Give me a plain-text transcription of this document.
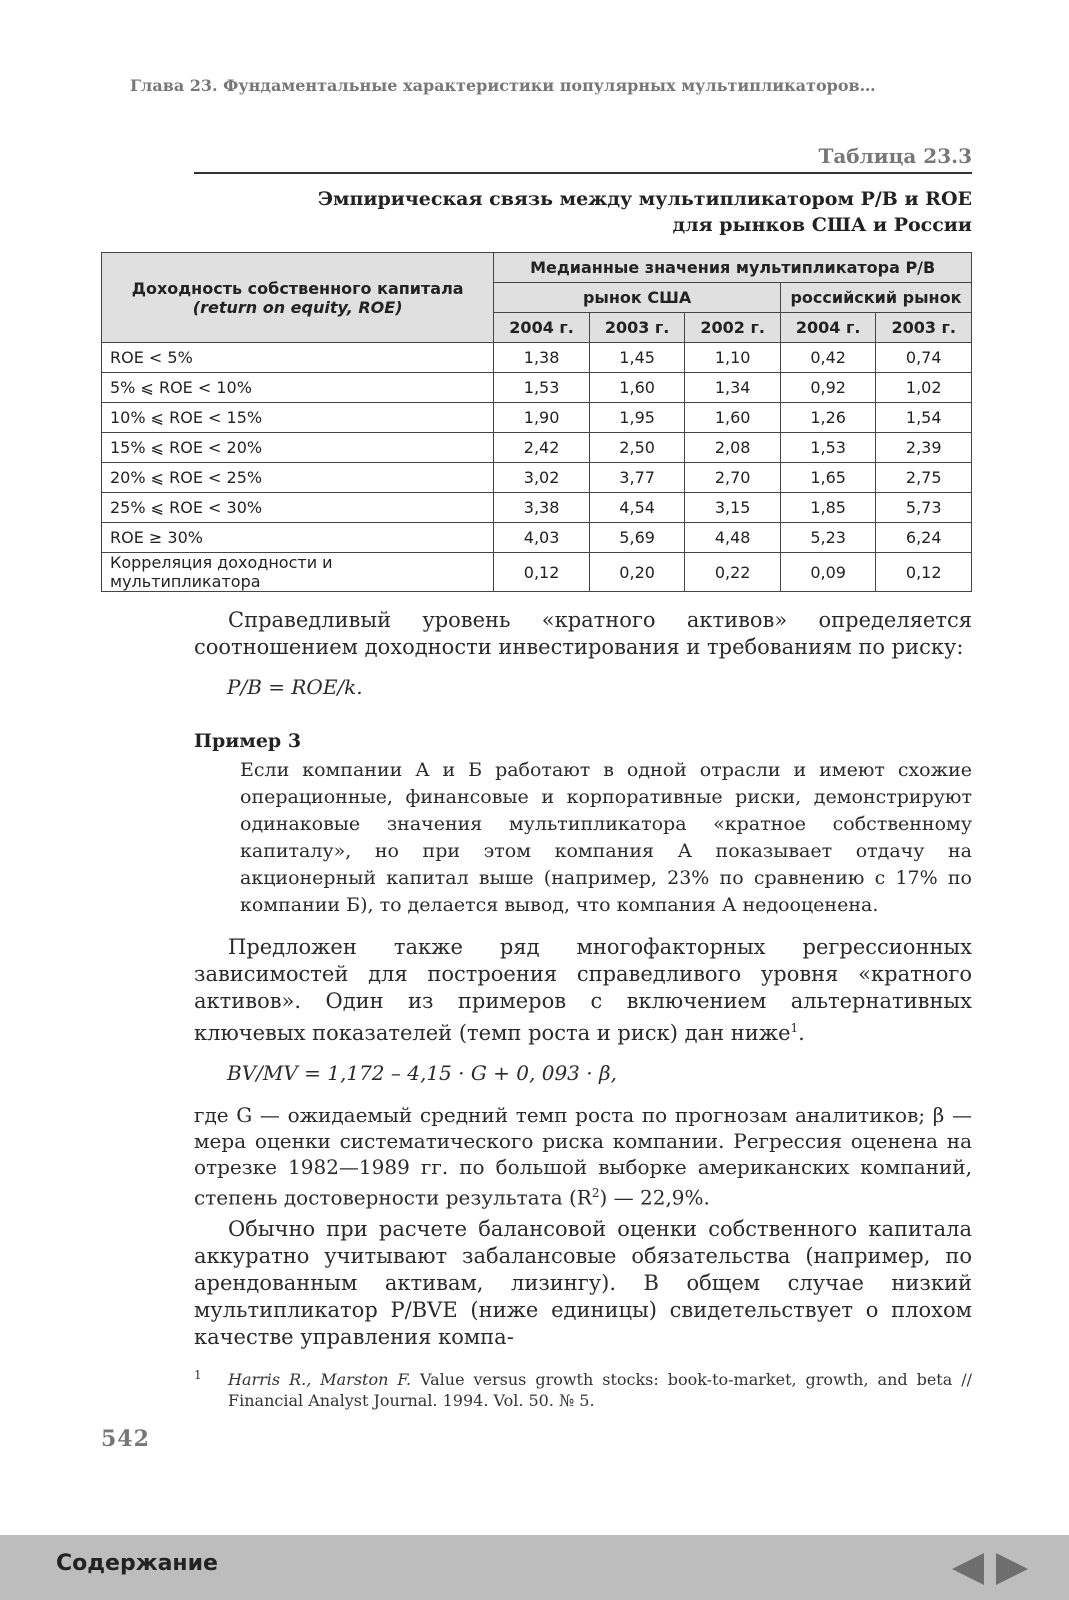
Глава 23. Фундаментальные характеристики популярных мультипликаторов…
Таблица 23.3
Эмпирическая связь между мультипликатором P/B и ROE
для рынков США и России
Доходность собственного капитала
(return on equity, ROE)	Медианные значения мультипликатора P/B				
	рынок США			российский рынок	
	2004 г.	2003 г.	2002 г.	2004 г.	2003 г.
ROE < 5%	1,38	1,45	1,10	0,42	0,74
5% ⩽ ROE < 10%	1,53	1,60	1,34	0,92	1,02
10% ⩽ ROE < 15%	1,90	1,95	1,60	1,26	1,54
15% ⩽ ROE < 20%	2,42	2,50	2,08	1,53	2,39
20% ⩽ ROE < 25%	3,02	3,77	2,70	1,65	2,75
25% ⩽ ROE < 30%	3,38	4,54	3,15	1,85	5,73
ROE ≥ 30%	4,03	5,69	4,48	5,23	6,24
Корреляция доходности и мультипликатора	0,12	0,20	0,22	0,09	0,12
Справедливый уровень «кратного активов» определяется соотношением доходности инвестирования и требованиям по риску:
P/B = ROE/k.
Пример 3
Если компании А и Б работают в одной отрасли и имеют схожие операционные, финансовые и корпоративные риски, демонстрируют одинаковые значения мультипликатора «кратное собственному капиталу», но при этом компания А показывает отдачу на акционерный капитал выше (например, 23% по сравнению с 17% по компании Б), то делается вывод, что компания А недооценена.
Предложен также ряд многофакторных регрессионных зависимостей для построения справедливого уровня «кратного активов». Один из примеров с включением альтернативных ключевых показателей (темп роста и риск) дан ниже$^1$.
BV/MV = 1,172 – 4,15 · G + 0, 093 · β,
где G — ожидаемый средний темп роста по прогнозам аналитиков; β — мера оценки систематического риска компании. Регрессия оценена на отрезке 1982—1989 гг. по большой выборке американских компаний, степень достоверности результата $(R^2)$ — 22,9%.
Обычно при расчете балансовой оценки собственного капитала аккуратно учитывают забалансовые обязательства (например, по арендованным активам, лизингу). В общем случае низкий мультипликатор P/BVE (ниже единицы) свидетельствует о плохом качестве управления компа-
1 Harris R., Marston F. Value versus growth stocks: book-to-market, growth, and beta // Financial Analyst Journal. 1994. Vol. 50. № 5.
542
Содержание
